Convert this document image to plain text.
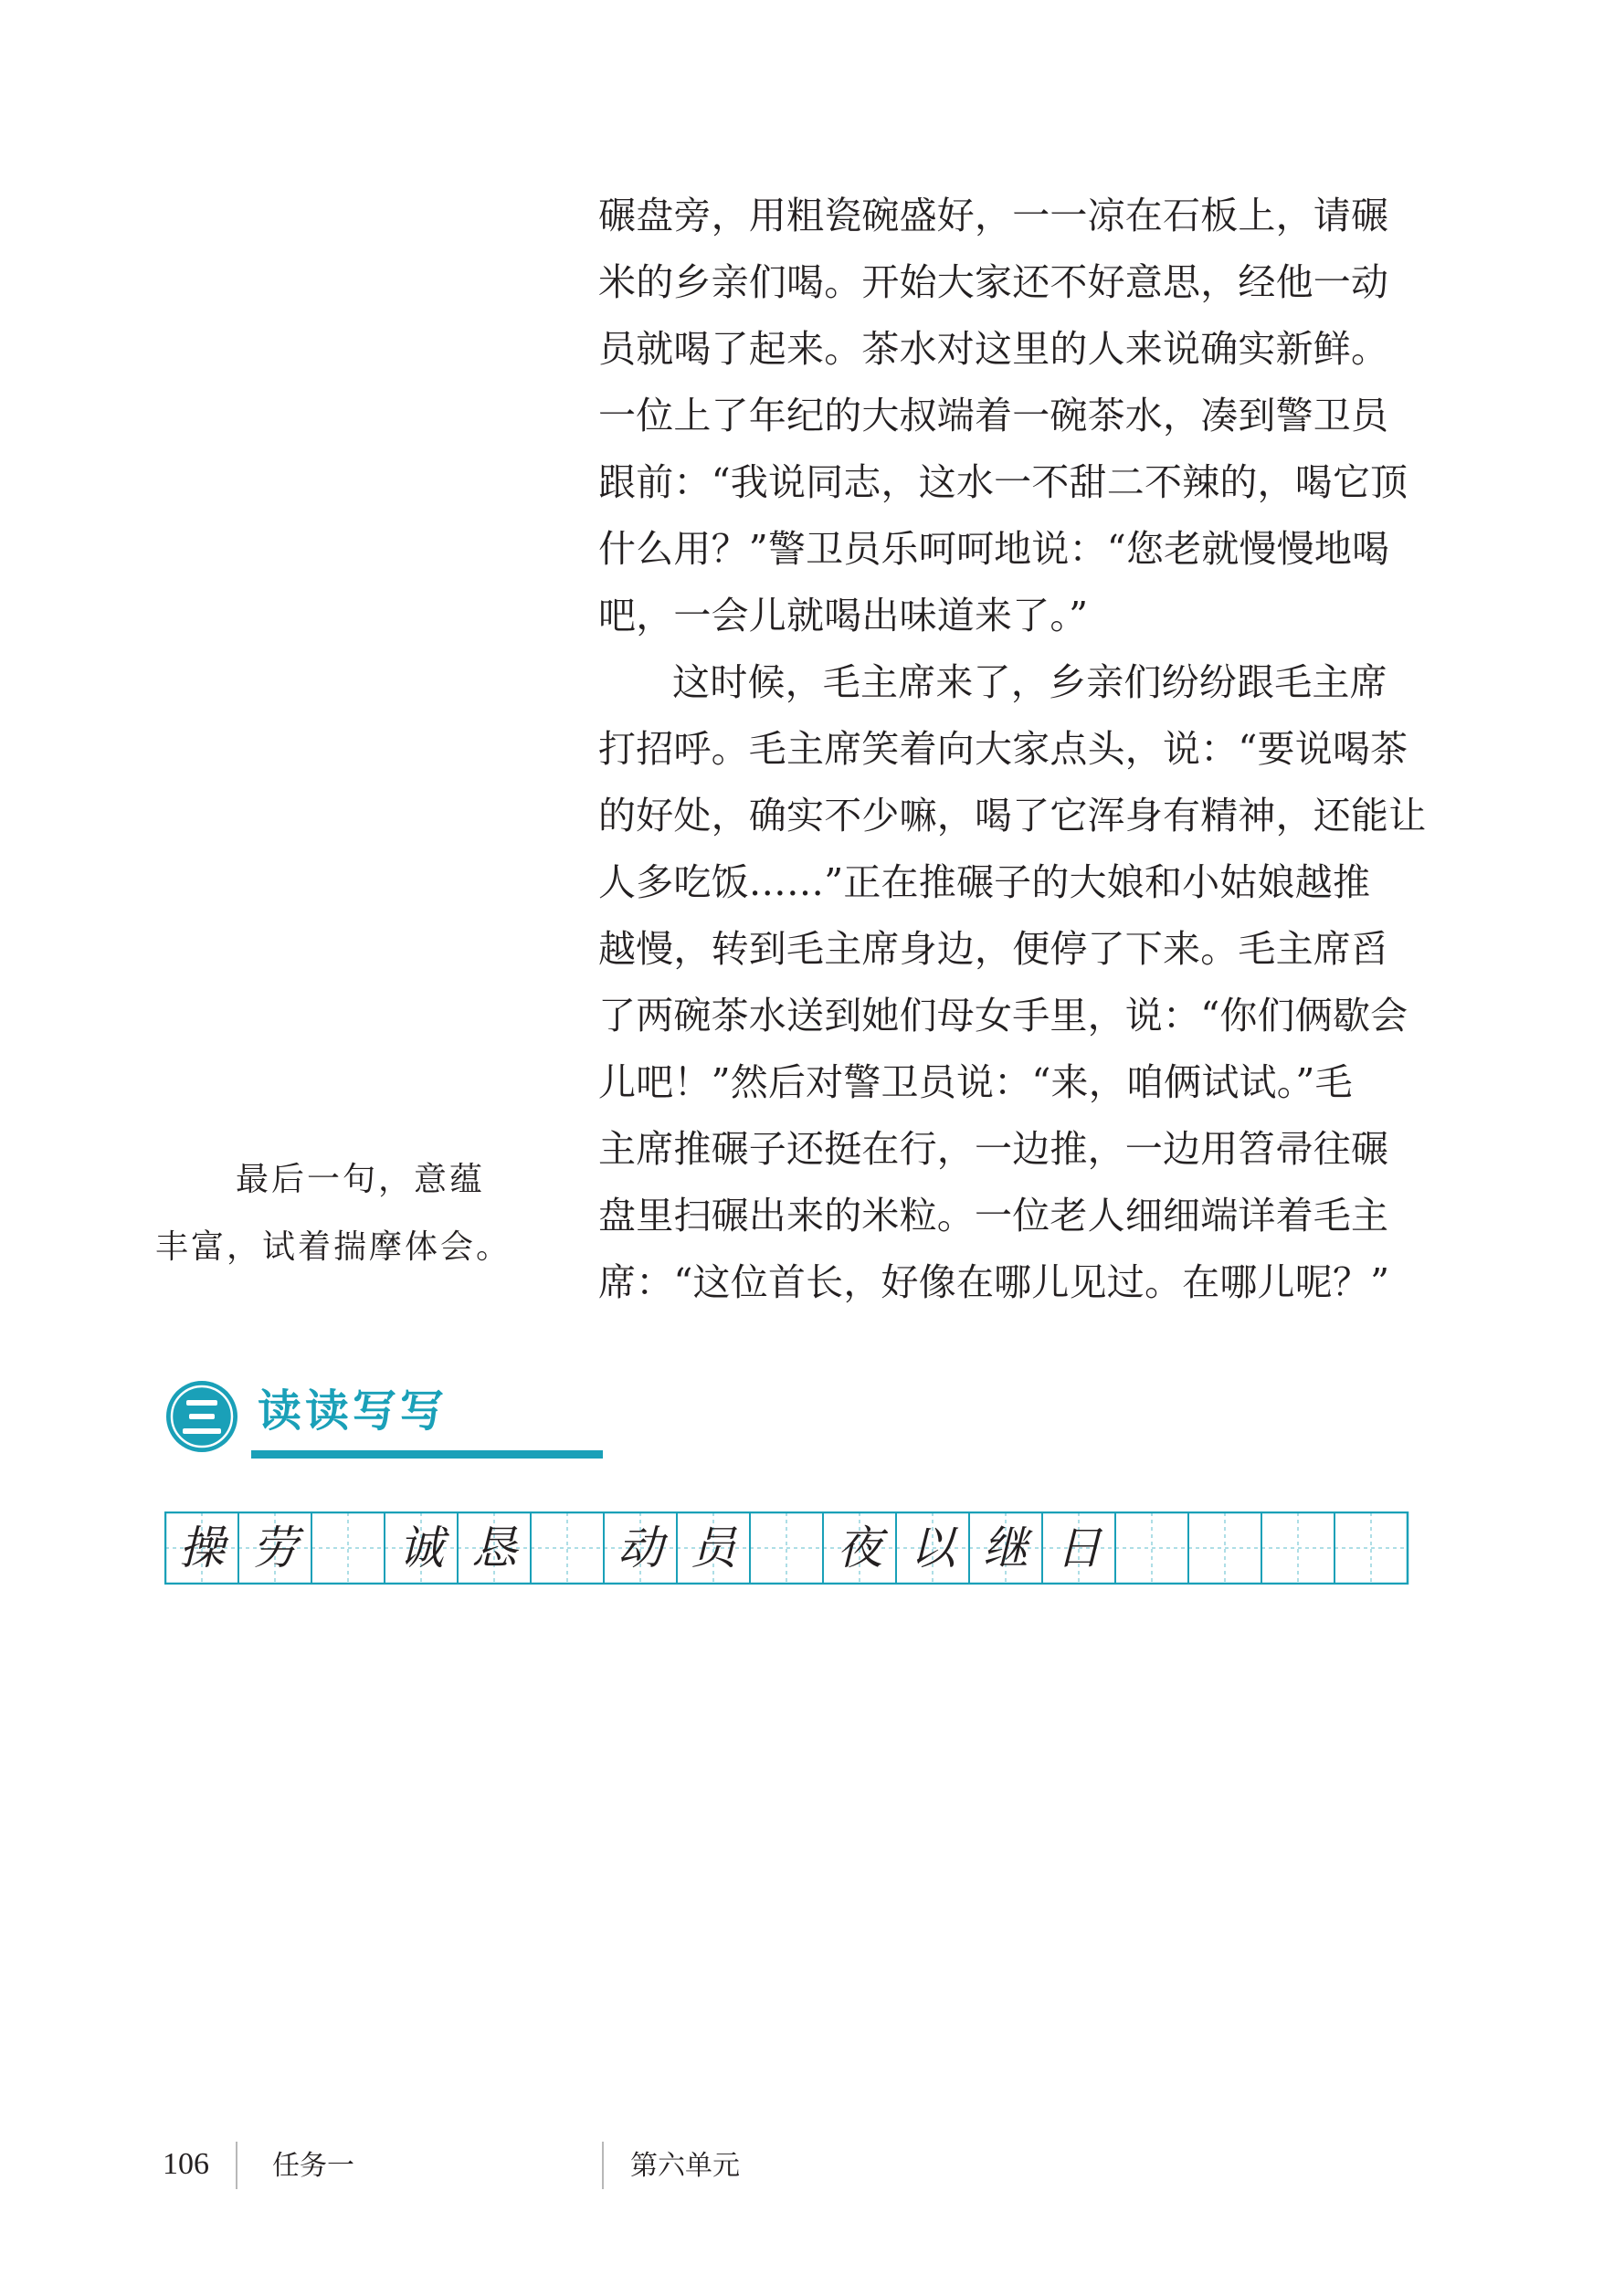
碾盘旁，用粗瓷碗盛好，一一凉在石板上，请碾
米的乡亲们喝。开始大家还不好意思，经他一动
员就喝了起来。茶水对这里的人来说确实新鲜。
一位上了年纪的大叔端着一碗茶水，凑到警卫员
跟前：“我说同志，这水一不甜二不辣的，喝它顶
什么用？”警卫员乐呵呵地说：“您老就慢慢地喝
吧，一会儿就喝出味道来了。”
这时候，毛主席来了，乡亲们纷纷跟毛主席
打招呼。毛主席笑着向大家点头，说：“要说喝茶
的好处，确实不少嘛，喝了它浑身有精神，还能让
人多吃饭……”正在推碾子的大娘和小姑娘越推
越慢，转到毛主席身边，便停了下来。毛主席舀
了两碗茶水送到她们母女手里，说：“你们俩歇会
儿吧！”然后对警卫员说：“来，咱俩试试。”毛
主席推碾子还挺在行，一边推，一边用笤帚往碾
盘里扫碾出来的米粒。一位老人细细端详着毛主
席：“这位首长，好像在哪儿见过。在哪儿呢？”
最后一句，意蕴
丰富，试着揣摩体会。
读读写写
操 劳	诚 恳	动 员	夜 以 继 日
106 任务一	第六单元
